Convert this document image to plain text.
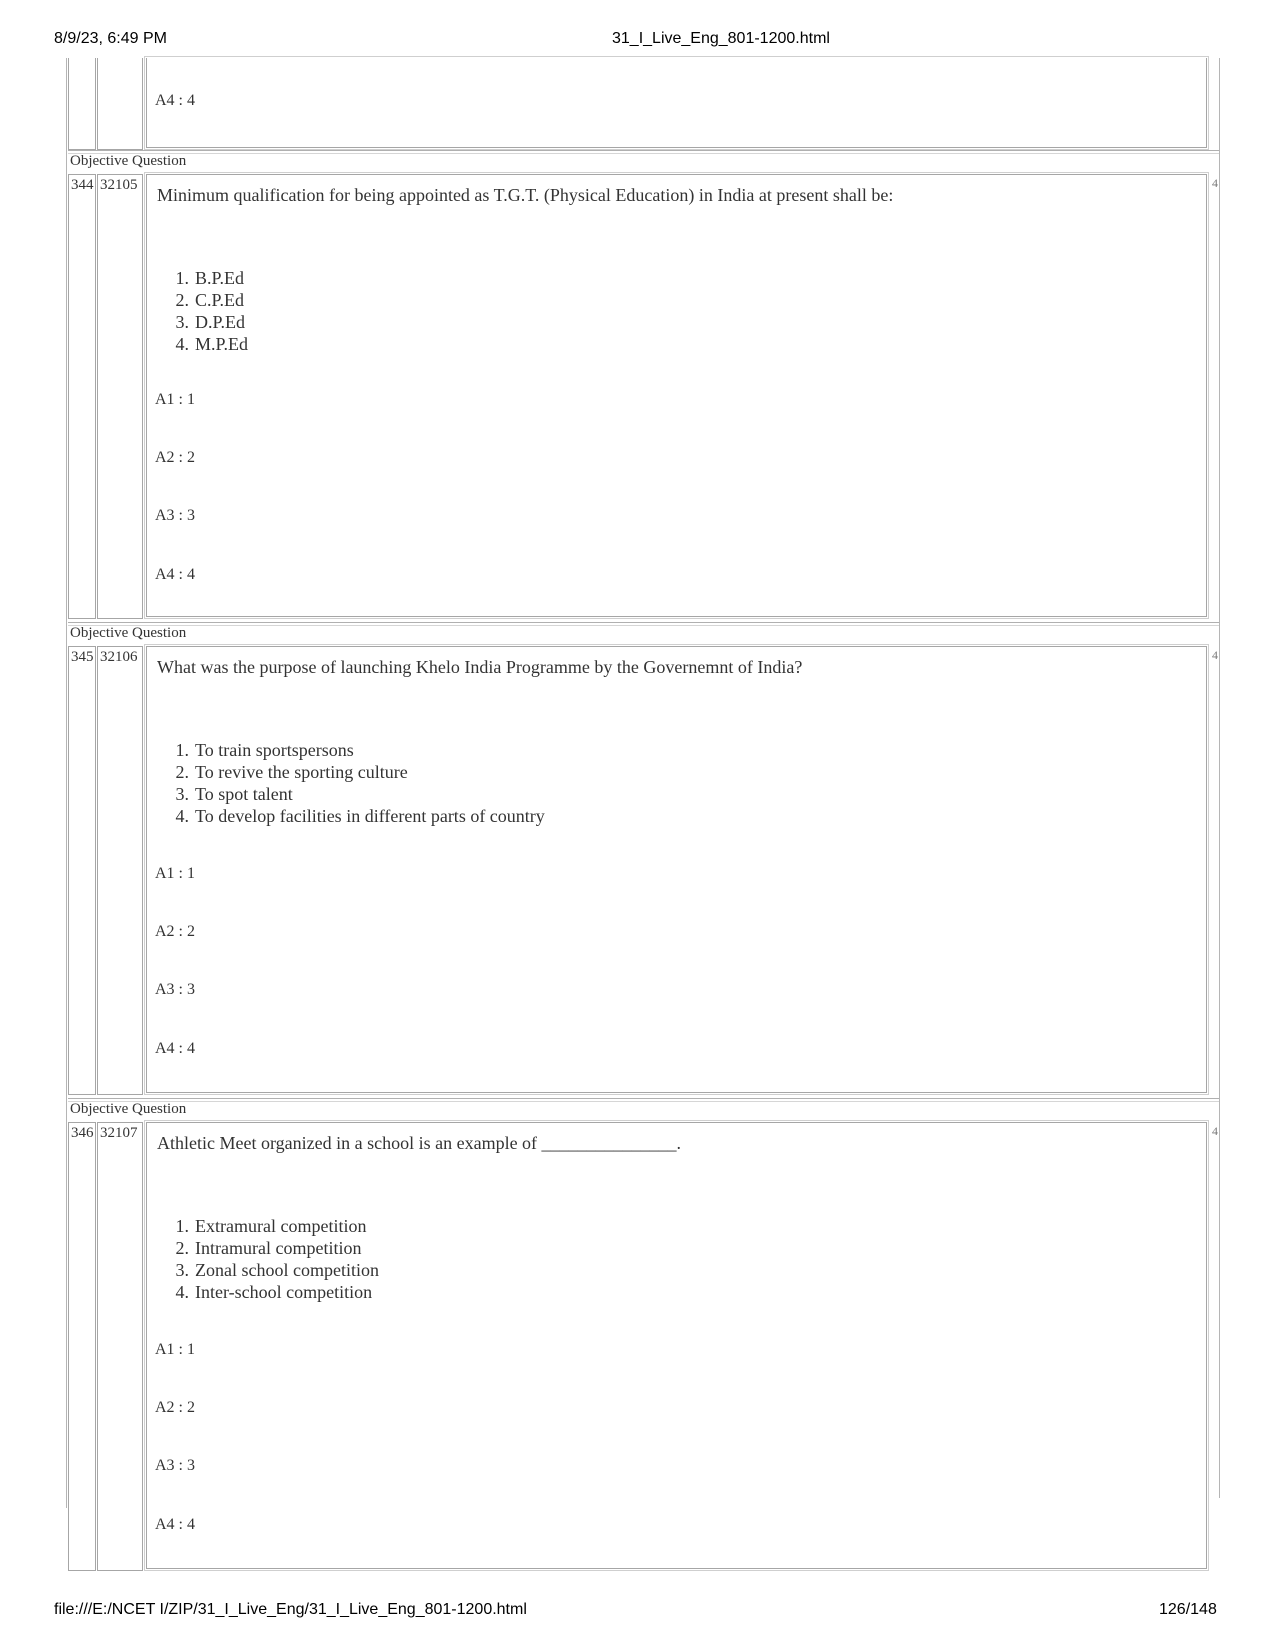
8/9/23, 6:49 PM	31_I_Live_Eng_801-1200.html
A4 : 4
Objective Question
344 32105	Minimum qualification for being appointed as T.G.T. (Physical Education) in India at present shall be:
1. B.P.Ed
2. C.P.Ed
3. D.P.Ed
4. M.P.Ed
A1 : 1
A2 : 2
A3 : 3
A4 : 4
4
Objective Question
345 32106	What was the purpose of launching Khelo India Programme by the Governemnt of India?
1. To train sportspersons
2. To revive the sporting culture
3. To spot talent
4. To develop facilities in different parts of country
A1 : 1
A2 : 2
A3 : 3
A4 : 4
4
Objective Question
346 32107	Athletic Meet organized in a school is an example of _______________.
1. Extramural competition
2. Intramural competition
3. Zonal school competition
4. Inter-school competition
A1 : 1
A2 : 2
A3 : 3
A4 : 4
4
file:///E:/NCET I/ZIP/31_I_Live_Eng/31_I_Live_Eng_801-1200.html	126/148
